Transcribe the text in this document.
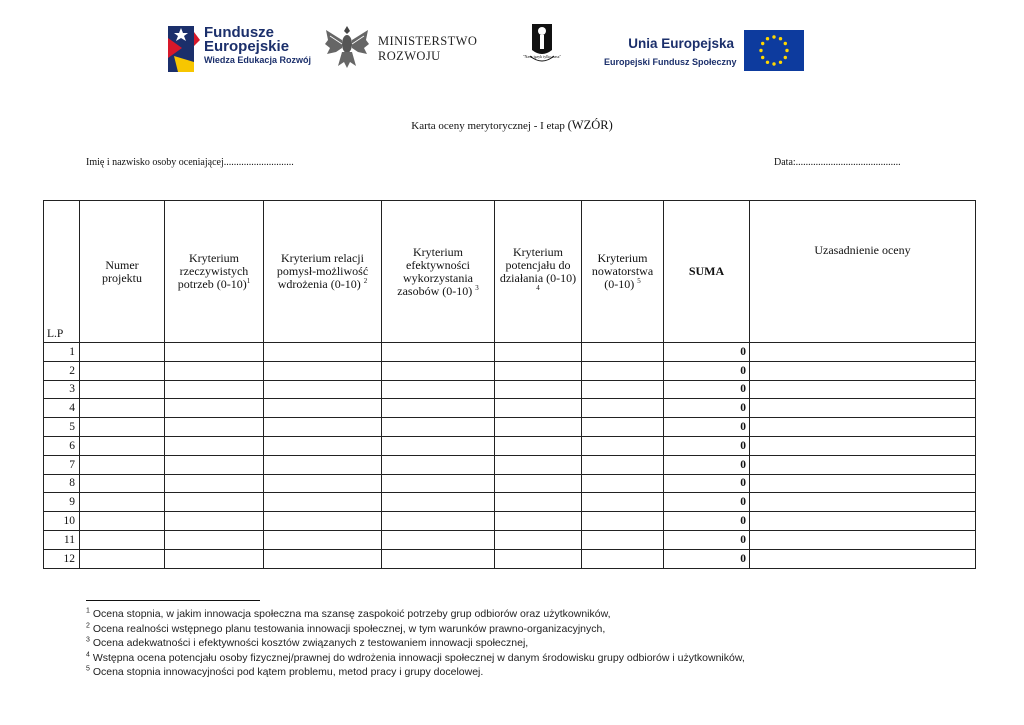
Fundusze
Europejskie
Wiedza Edukacja Rozwój
MINISTERSTWO
ROZWOJU	"Nasz język tylko nasz"
Unia Europejska
Europejski Fundusz Społeczny
Karta oceny merytorycznej - I etap (WZÓR)
Imię i nazwisko osoby oceniającej............................	Data:..........................................
L.P	Numer projektu	Kryterium rzeczywistych potrzeb $(0-10)^1$	Kryterium relacji pomysł-możliwość wdrożenia (0-10) $^2$	Kryterium efektywności wykorzystania zasobów (0-10) $^3$	Kryterium potencjału do działania (0-10) $^4$	Kryterium nowatorstwa (0-10) $^5$	SUMA	Uzasadnienie oceny
1							0	
2							0	
3							0	
4							0	
5							0	
6							0	
7							0	
8							0	
9							0	
10							0	
11							0	
12							0	
$^1$ Ocena stopnia, w jakim innowacja społeczna ma szansę zaspokoić potrzeby grup odbiorów oraz użytkowników,
$^2$ Ocena realności wstępnego planu testowania innowacji społecznej, w tym warunków prawno-organizacyjnych,
$^3$ Ocena adekwatności i efektywności kosztów związanych z testowaniem innowacji społecznej,
$^4$ Wstępna ocena potencjału osoby fizycznej/prawnej do wdrożenia innowacji społecznej w danym środowisku grupy odbiorów i użytkowników,
$^5$ Ocena stopnia innowacyjności pod kątem problemu, metod pracy i grupy docelowej.
